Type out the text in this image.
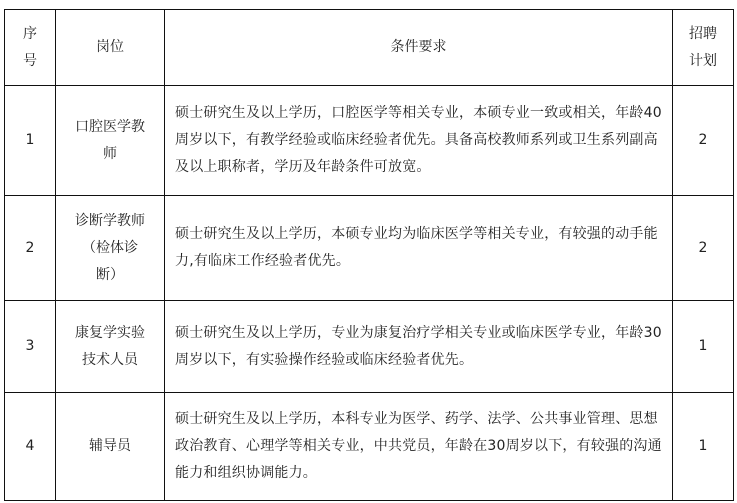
序号	岗位	条件要求	招聘计划

1	口腔医学教师	硕士研究生及以上学历，口腔医学等相关专业，本硕专业一致或相关，年龄40周岁以下，有教学经验或临床经验者优先。具备高校教师系列或卫生系列副高及以上职称者，学历及年龄条件可放宽。	2
2	诊断学教师（检体诊断）	硕士研究生及以上学历，本硕专业均为临床医学等相关专业，有较强的动手能力,有临床工作经验者优先。	2
3	康复学实验技术人员	硕士研究生及以上学历，专业为康复治疗学相关专业或临床医学专业，年龄30周岁以下，有实验操作经验或临床经验者优先。	1
4	辅导员	硕士研究生及以上学历，本科专业为医学、药学、法学、公共事业管理、思想政治教育、心理学等相关专业，中共党员，年龄在30周岁以下，有较强的沟通能力和组织协调能力。	1
